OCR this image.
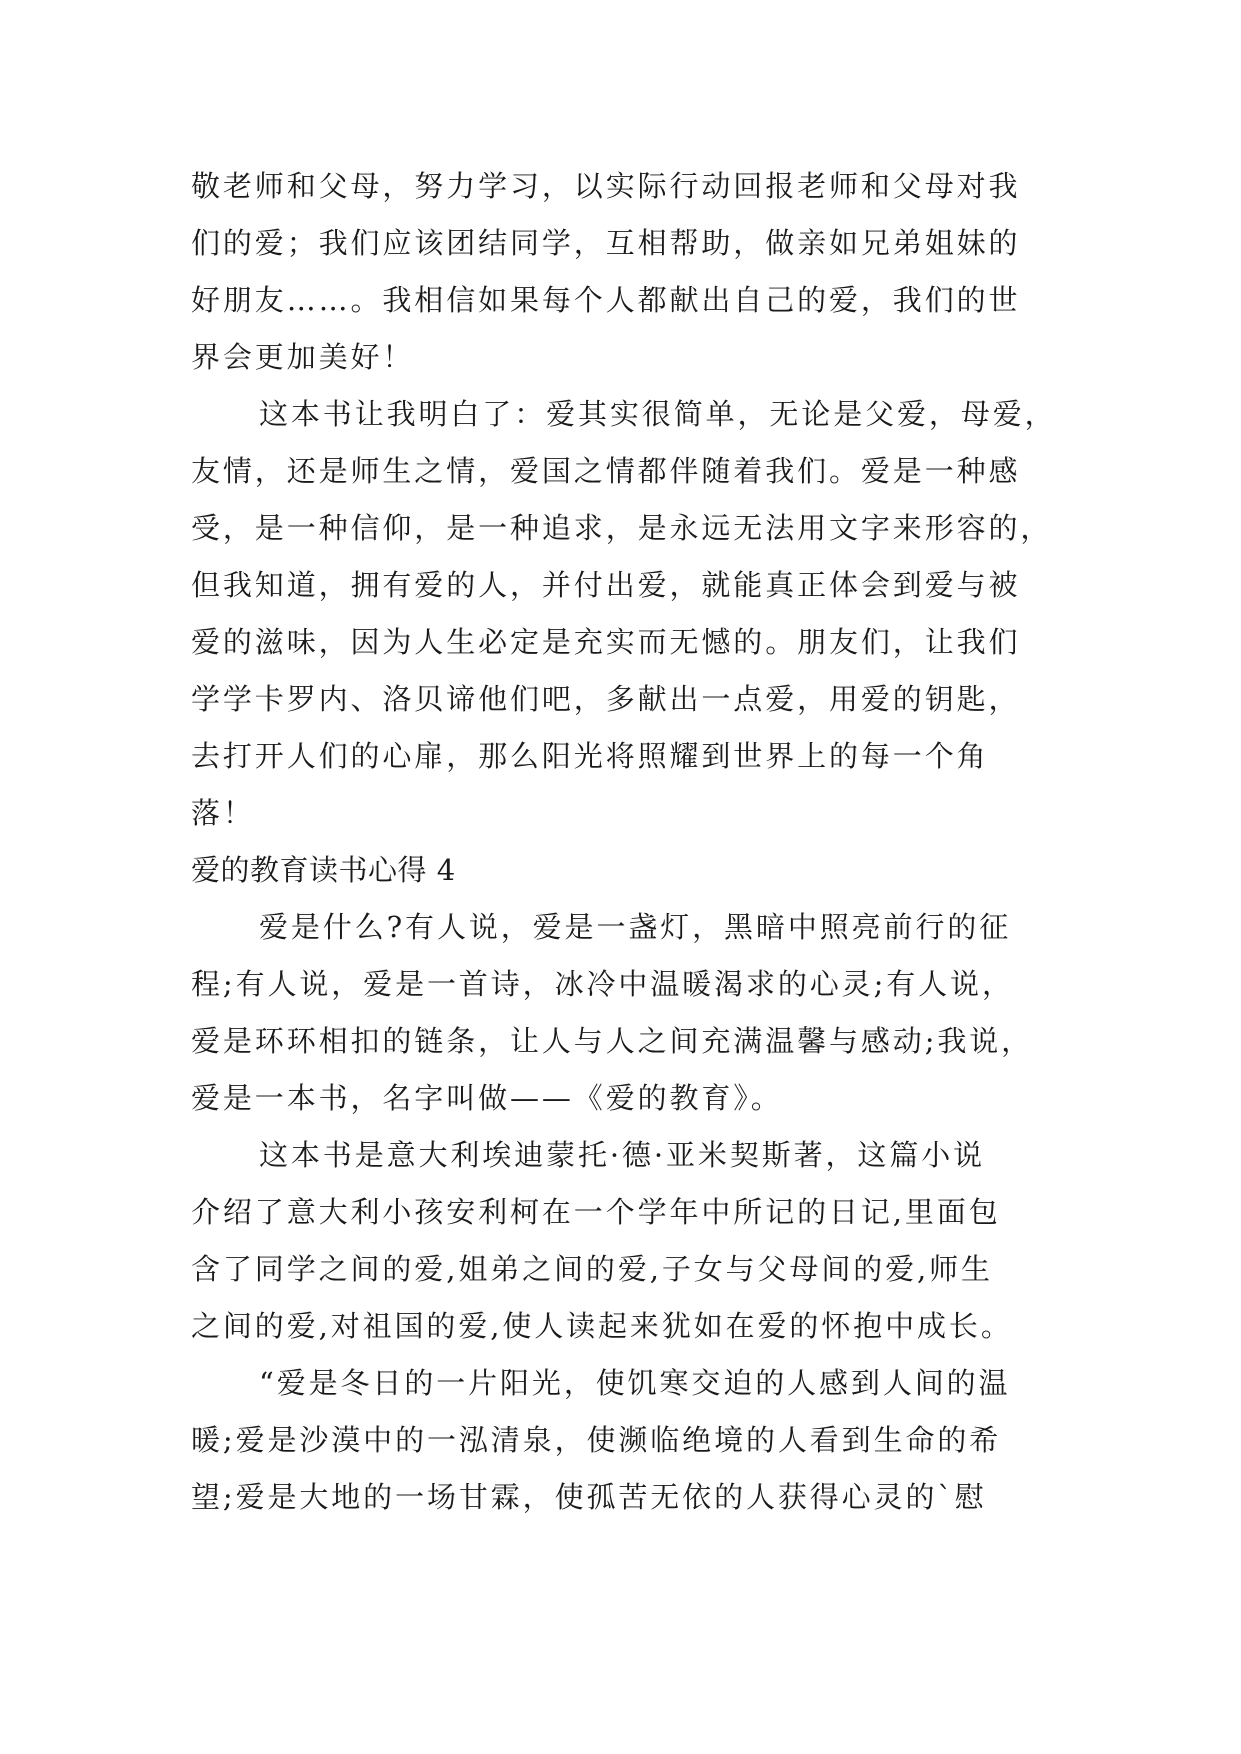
敬老师和父母，努力学习，以实际行动回报老师和父母对我
们的爱；我们应该团结同学，互相帮助，做亲如兄弟姐妹的
好朋友……。我相信如果每个人都献出自己的爱，我们的世
界会更加美好！
这本书让我明白了：爱其实很简单，无论是父爱，母爱，
友情，还是师生之情，爱国之情都伴随着我们。爱是一种感
受，是一种信仰，是一种追求，是永远无法用文字来形容的，
但我知道，拥有爱的人，并付出爱，就能真正体会到爱与被
爱的滋味，因为人生必定是充实而无憾的。朋友们，让我们
学学卡罗内、洛贝谛他们吧，多献出一点爱，用爱的钥匙，
去打开人们的心扉，那么阳光将照耀到世界上的每一个角
落！
爱的教育读书心得 4
爱是什么?有人说，爱是一盏灯，黑暗中照亮前行的征
程;有人说，爱是一首诗，冰冷中温暖渴求的心灵;有人说，
爱是环环相扣的链条，让人与人之间充满温馨与感动;我说，
爱是一本书，名字叫做——《爱的教育》。
这本书是意大利埃迪蒙托·德·亚米契斯著，这篇小说
介绍了意大利小孩安利柯在一个学年中所记的日记,里面包
含了同学之间的爱,姐弟之间的爱,子女与父母间的爱,师生
之间的爱,对祖国的爱,使人读起来犹如在爱的怀抱中成长。
“爱是冬日的一片阳光，使饥寒交迫的人感到人间的温
暖;爱是沙漠中的一泓清泉，使濒临绝境的人看到生命的希
望;爱是大地的一场甘霖，使孤苦无依的人获得心灵的`慰
